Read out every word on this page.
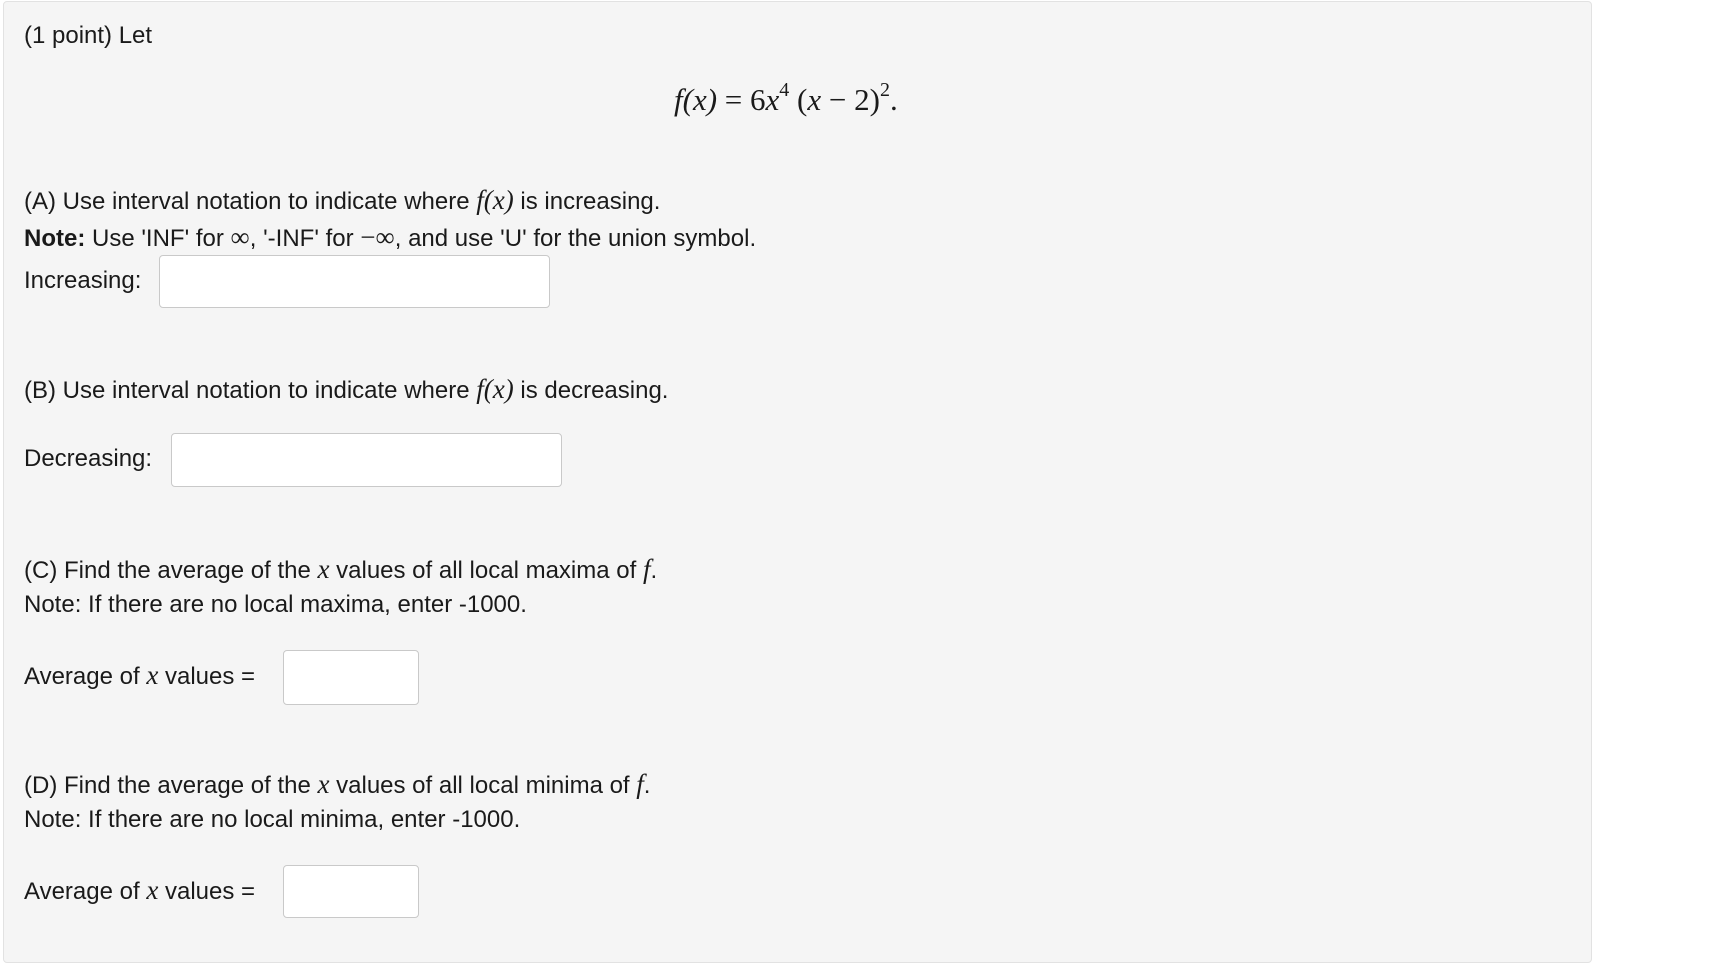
(1 point) Let
$f(x) = 6x^4$ $(x - 2)^2$.
(A) Use interval notation to indicate where f(x) is increasing.
Note: Use 'INF' for ∞, '-INF' for −∞, and use 'U' for the union symbol.
Increasing:
(B) Use interval notation to indicate where f(x) is decreasing.
Decreasing:
(C) Find the average of the x values of all local maxima of f.
Note: If there are no local maxima, enter -1000.
Average of x values =
(D) Find the average of the x values of all local minima of f.
Note: If there are no local minima, enter -1000.
Average of x values =
